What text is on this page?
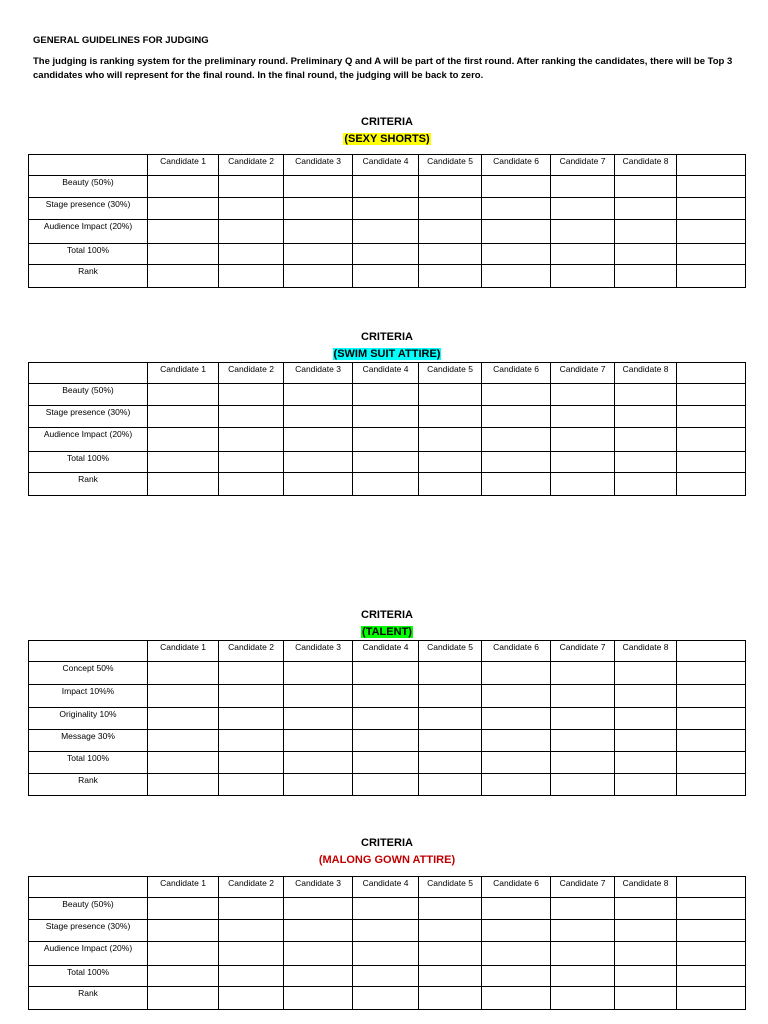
GENERAL GUIDELINES FOR JUDGING
The judging is ranking system for the preliminary round. Preliminary Q and A will be part of the first round. After ranking the candidates, there will be Top 3 candidates who will represent for the final round. In the final round, the judging will be back to zero.
CRITERIA
(SEXY SHORTS)
	Candidate 1	Candidate 2	Candidate 3	Candidate 4	Candidate 5	Candidate 6	Candidate 7	Candidate 8	
Beauty (50%)									
Stage presence (30%)									
Audience Impact (20%)									
Total 100%									
Rank									
CRITERIA
(SWIM SUIT ATTIRE)
	Candidate 1	Candidate 2	Candidate 3	Candidate 4	Candidate 5	Candidate 6	Candidate 7	Candidate 8	
Beauty (50%)									
Stage presence (30%)									
Audience Impact (20%)									
Total 100%									
Rank									
CRITERIA
(TALENT)
	Candidate 1	Candidate 2	Candidate 3	Candidate 4	Candidate 5	Candidate 6	Candidate 7	Candidate 8	
Concept 50%									
Impact 10%%									
Originality 10%									
Message 30%									
Total 100%									
Rank									
CRITERIA
(MALONG GOWN ATTIRE)
	Candidate 1	Candidate 2	Candidate 3	Candidate 4	Candidate 5	Candidate 6	Candidate 7	Candidate 8	
Beauty (50%)									
Stage presence (30%)									
Audience Impact (20%)									
Total 100%									
Rank									
